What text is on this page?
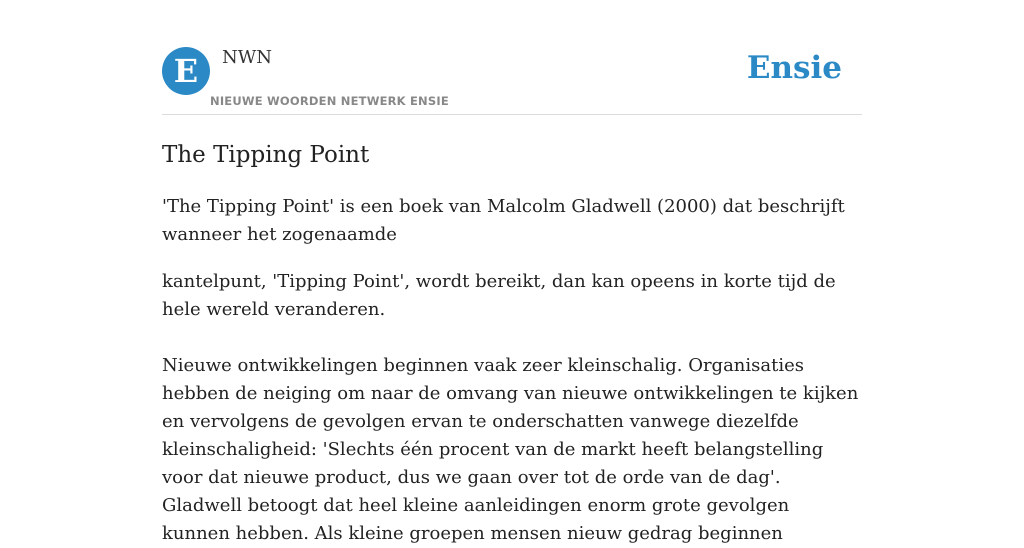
E	NWN
NIEUWE WOORDEN NETWERK ENSIE
Ensie
The Tipping Point

'The Tipping Point' is een boek van Malcolm Gladwell (2000) dat beschrijft wanneer het zogenaamde

kantelpunt, 'Tipping Point', wordt bereikt, dan kan opeens in korte tijd de hele wereld veranderen.

Nieuwe ontwikkelingen beginnen vaak zeer kleinschalig. Organisaties hebben de neiging om naar de omvang van nieuwe ontwikkelingen te kijken en vervolgens de gevolgen ervan te onderschatten vanwege diezelfde kleinschaligheid: 'Slechts één procent van de markt heeft belangstelling voor dat nieuwe product, dus we gaan over tot de orde van de dag'. Gladwell betoogt dat heel kleine aanleidingen enorm grote gevolgen kunnen hebben. Als kleine groepen mensen nieuw gedrag beginnen
